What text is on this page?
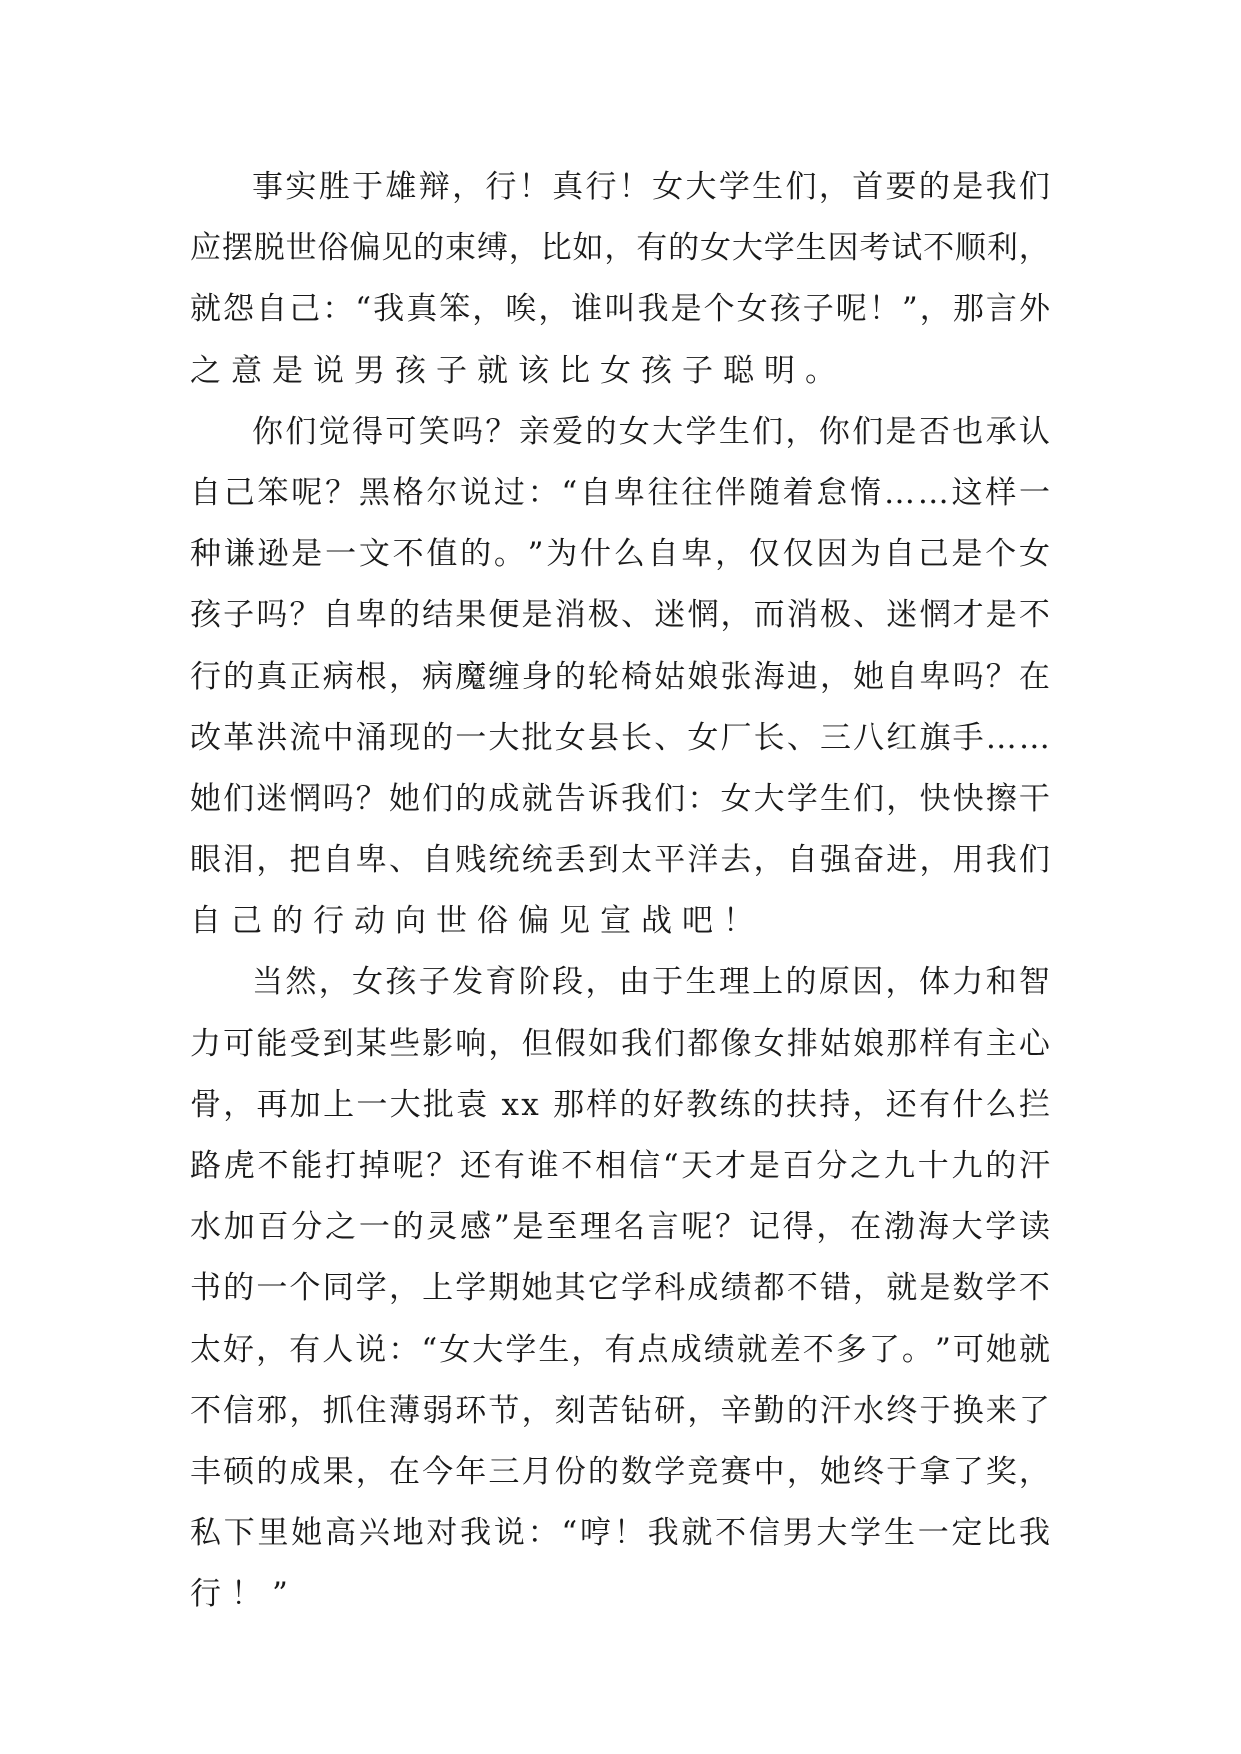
事 实 胜 于 雄 辩 ， 行 ！ 真 行 ！ 女 大 学 生 们 ， 首 要 的 是 我 们
应 摆 脱 世 俗 偏 见 的 束 缚 ， 比 如 ， 有 的 女 大 学 生 因 考 试 不 顺 利 ，
就 怨 自 己 ： “ 我 真 笨 ， 唉 ， 谁 叫 我 是 个 女 孩 子 呢 ！ ” ， 那 言 外
之意是说男孩子就该比女孩子聪明。
你 们 觉 得 可 笑 吗 ？ 亲 爱 的 女 大 学 生 们 ， 你 们 是 否 也 承 认
自 己 笨 呢 ？ 黑 格 尔 说 过 ： “ 自 卑 往 往 伴 随 着 怠 惰 … … 这 样 一
种 谦 逊 是 一 文 不 值 的 。 ” 为 什 么 自 卑 ， 仅 仅 因 为 自 己 是 个 女
孩 子 吗 ？ 自 卑 的 结 果 便 是 消 极 、 迷 惘 ， 而 消 极 、 迷 惘 才 是 不
行 的 真 正 病 根 ， 病 魔 缠 身 的 轮 椅 姑 娘 张 海 迪 ， 她 自 卑 吗 ？ 在
改 革 洪 流 中 涌 现 的 一 大 批 女 县 长 、 女 厂 长 、 三 八 红 旗 手 … …
她 们 迷 惘 吗 ？ 她 们 的 成 就 告 诉 我 们 ： 女 大 学 生 们 ， 快 快 擦 干
眼 泪 ， 把 自 卑 、 自 贱 统 统 丢 到 太 平 洋 去 ， 自 强 奋 进 ， 用 我 们
自己的行动向世俗偏见宣战吧！
当 然 ， 女 孩 子 发 育 阶 段 ， 由 于 生 理 上 的 原 因 ， 体 力 和 智
力 可 能 受 到 某 些 影 响 ， 但 假 如 我 们 都 像 女 排 姑 娘 那 样 有 主 心
骨 ， 再 加 上 一 大 批 袁
x x
那 样 的 好 教 练 的 扶 持 ， 还 有 什 么 拦
路 虎 不 能 打 掉 呢 ？ 还 有 谁 不 相 信 “ 天 才 是 百 分 之 九 十 九 的 汗
水 加 百 分 之 一 的 灵 感 ” 是 至 理 名 言 呢 ？ 记 得 ， 在 渤 海 大 学 读
书 的 一 个 同 学 ， 上 学 期 她 其 它 学 科 成 绩 都 不 错 ， 就 是 数 学 不
太 好 ， 有 人 说 ： “ 女 大 学 生 ， 有 点 成 绩 就 差 不 多 了 。 ” 可 她 就
不 信 邪 ， 抓 住 薄 弱 环 节 ， 刻 苦 钻 研 ， 辛 勤 的 汗 水 终 于 换 来 了
丰 硕 的 成 果 ， 在 今 年 三 月 份 的 数 学 竞 赛 中 ， 她 终 于 拿 了 奖 ，
私 下 里 她 高 兴 地 对 我 说 ： “ 哼 ！ 我 就 不 信 男 大 学 生 一 定 比 我
行！”
